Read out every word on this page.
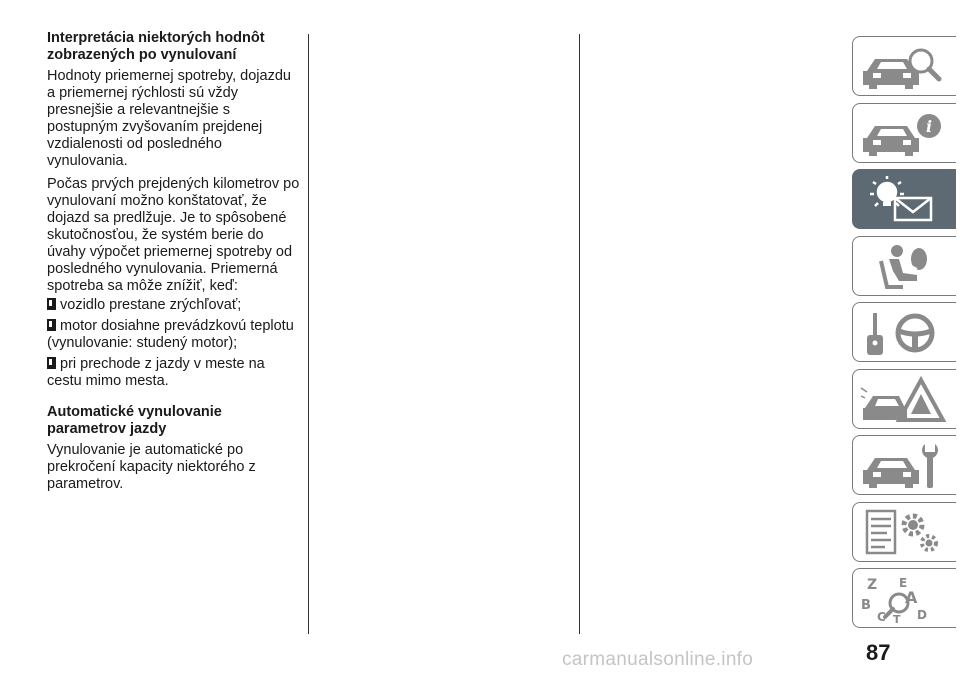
Interpretácia niektorých hodnôt zobrazených po vynulovaní

Hodnoty priemernej spotreby, dojazdu a priemernej rýchlosti sú vždy presnejšie a relevantnejšie s postupným zvyšovaním prejdenej vzdialenosti od posledného vynulovania.

Počas prvých prejdených kilometrov po vynulovaní možno konštatovať, že dojazd sa predlžuje. Je to spôsobené skutočnosťou, že systém berie do úvahy výpočet priemernej spotreby od posledného vynulovania. Priemerná spotreba sa môže znížiť, keď:

vozidlo prestane zrýchľovať;
motor dosiahne prevádzkovú teplotu (vynulovanie: studený motor);
pri prechode z jazdy v meste na cestu mimo mesta.

Automatické vynulovanie parametrov jazdy

Vynulovanie je automatické po prekročení kapacity niektorého z parametrov.

i
Z
B
C
E
A
D
T
87
carmanualsonline.info
